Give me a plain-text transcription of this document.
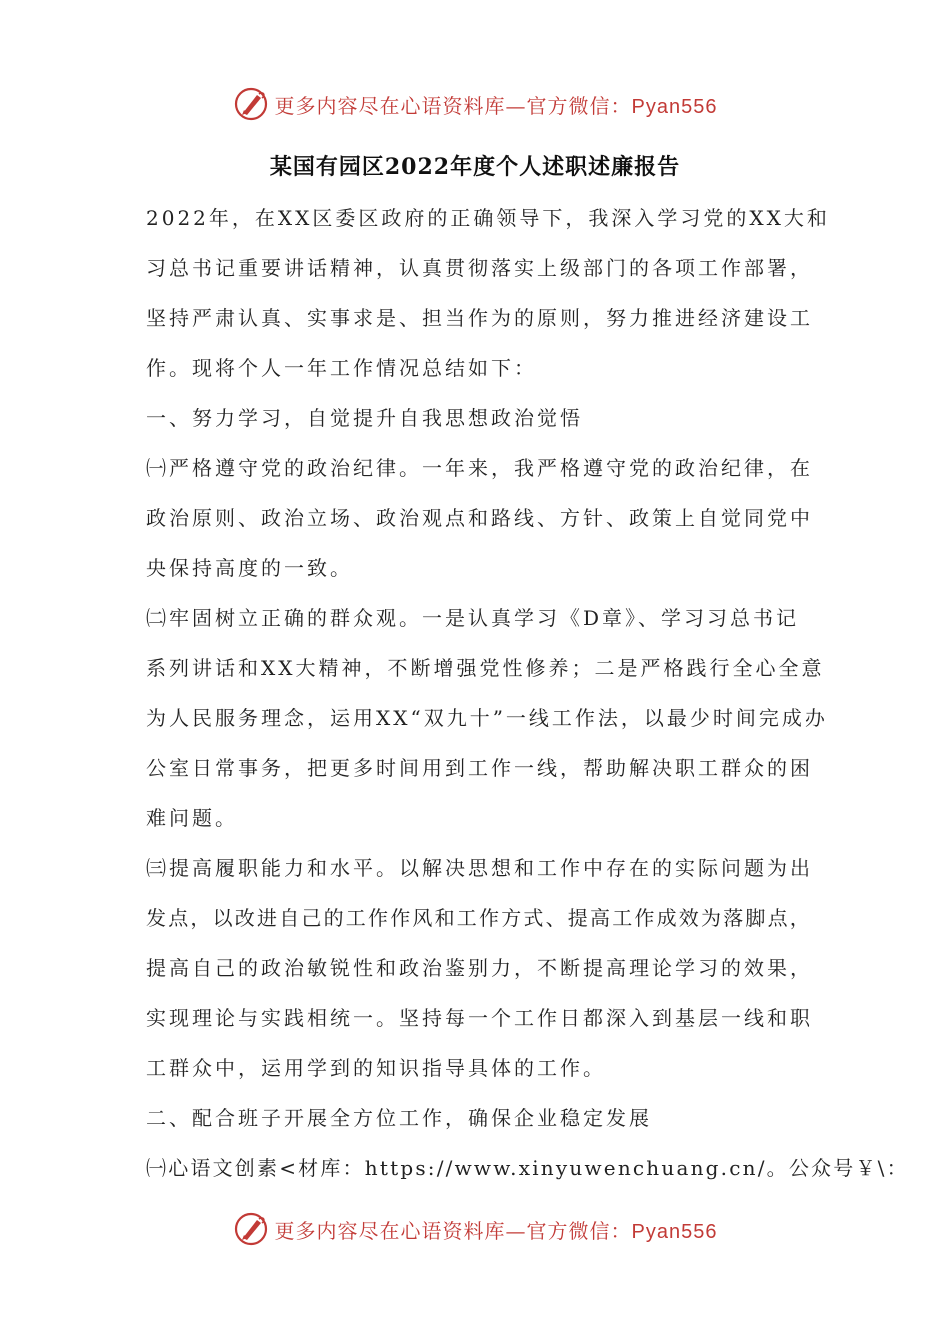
更多内容尽在心语资料库—官方微信：Pyan556
某国有园区2022年度个人述职述廉报告
2022年，在XX区委区政府的正确领导下，我深入学习党的XX大和
习总书记重要讲话精神，认真贯彻落实上级部门的各项工作部署，
坚持严肃认真、实事求是、担当作为的原则，努力推进经济建设工
作。现将个人一年工作情况总结如下：
一、努力学习，自觉提升自我思想政治觉悟
㈠严格遵守党的政治纪律。一年来，我严格遵守党的政治纪律，在
政治原则、政治立场、政治观点和路线、方针、政策上自觉同党中
央保持高度的一致。
㈡牢固树立正确的群众观。一是认真学习《D章》、学习习总书记
系列讲话和XX大精神，不断增强党性修养；二是严格践行全心全意
为人民服务理念，运用XX“双九十”一线工作法，以最少时间完成办
公室日常事务，把更多时间用到工作一线，帮助解决职工群众的困
难问题。
㈢提高履职能力和水平。以解决思想和工作中存在的实际问题为出
发点，以改进自己的工作作风和工作方式、提高工作成效为落脚点，
提高自己的政治敏锐性和政治鉴别力，不断提高理论学习的效果，
实现理论与实践相统一。坚持每一个工作日都深入到基层一线和职
工群众中，运用学到的知识指导具体的工作。
二、配合班子开展全方位工作，确保企业稳定发展
㈠心语文创素<材库：https://www.xinyuwenchuang.cn/。公众号￥\：
更多内容尽在心语资料库—官方微信：Pyan556
